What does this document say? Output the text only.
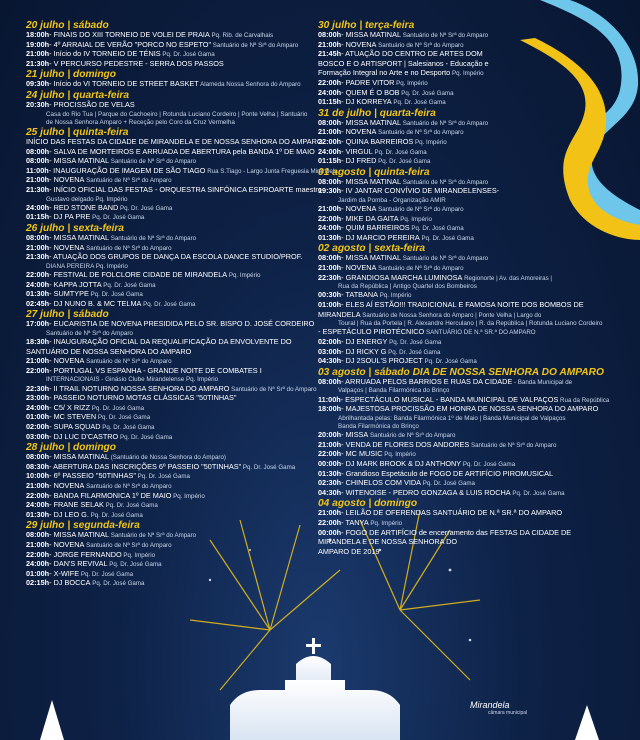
Mirandela
câmara municipal
20 julho | sábado
18:00h- FINAIS DO XIII TORNEIO DE VOLEI DE PRAIA Pq. Rib. de Carvalhais
19:00h- 4º ARRAIAL DE VERÃO "PORCO NO ESPETO" Santuário de Nª Srª do Amparo
21:00h- Início do IV TORNEIO DE TÉNIS Pq. Dr. José Gama
21:30h- V PERCURSO PEDESTRE - SERRA DOS PASSOS
21 julho | domingo
09:30h- Início do VI TORNEIO DE STREET BASKET Alameda Nossa Senhora do Amparo
24 julho | quarta-feira
20:30h- PROCISSÃO DE VELAS
Casa do Rio Tua | Parque do Cachoeiro | Rotunda Luciano Cordeiro | Ponte Velha | Santuário
de Nossa Senhora Amparo + Receção pelo Coro da Cruz Vermelha
25 julho | quinta-feira
INÍCIO DAS FESTAS DA CIDADE DE MIRANDELA E DE NOSSA SENHORA DO AMPARO
08:00h- SALVA DE MORTEIROS E ARRUADA DE ABERTURA pela BANDA 1º DE MAIO
08:00h- MISSA MATINAL Santuário de Nª Srª do Amparo
11:00h- INAUGURAÇÃO DE IMAGEM DE SÃO TIAGO Rua S.Tiago - Largo Junta Freguesia Mirandela
21:00h- NOVENA Santuário de Nª Srª do Amparo
21:30h- INÍCIO OFICIAL DAS FESTAS - ORQUESTRA SINFÓNICA ESPROARTE maestro
Gustavo delgado Pq. Império
24:00h- RED STONE BAND Pq. Dr. José Gama
01:15h- DJ PA PRE Pq. Dr. José Gama
26 julho | sexta-feira
08:00h- MISSA MATINAL Santuário de Nª Srª do Amparo
21:00h- NOVENA Santuário de Nª Srª do Amparo
21:30h- ATUAÇÃO DOS GRUPOS DE DANÇA DA ESCOLA DANCE STUDIO/PROF.
DIANA PEREIRA Pq. Império
22:00h- FESTIVAL DE FOLCLORE CIDADE DE MIRANDELA Pq. Império
24:00h- KAPPA JOTTA Pq. Dr. José Gama
01:30h- SUMTYPE Pq. Dr. José Gama
02:45h- DJ NUNO B. & MC TELMA Pq. Dr. José Gama
27 julho | sábado
17:00h- EUCARISTIA DE NOVENA PRESIDIDA PELO SR. BISPO D. JOSÉ CORDEIRO
Santuário de Nª Srª do Amparo
18:30h- INAUGURAÇÃO OFICIAL DA REQUALIFICAÇÃO DA ENVOLVENTE DO
SANTUÁRIO DE NOSSA SENHORA DO AMPARO
21:00h- NOVENA Santuário de Nª Srª do Amparo
22:00h- PORTUGAL VS ESPANHA - GRANDE NOITE DE COMBATES I
INTERNACIONAIS - Ginásio Clube Mirandelense Pq. Império
22:30h- II TRAIL NOTURNO NOSSA SENHORA DO AMPARO Santuário de Nª Srª do Amparo
23:00h- PASSEIO NOTURNO MOTAS CLÁSSICAS "50TINHAS"
24:00h- C5/ X RIZZ Pq. Dr. José Gama
01:00h- MC STEVEN Pq. Dr. José Gama
02:00h- SUPA SQUAD Pq. Dr. José Gama
03:00h- DJ LUC D'CASTRO Pq. Dr. José Gama
28 julho | domingo
08:00h- MISSA MATINAL (Santuário de Nossa Senhora do Amparo)
08:30h- ABERTURA DAS INSCRIÇÕES 6º PASSEIO "50TINHAS" Pq. Dr. José Gama
10:00h- 6º PASSEIO "50TINHAS" Pq. Dr. José Gama
21:00h- NOVENA Santuário de Nª Srª do Amparo
22:00h- BANDA FILARMONICA 1º DE MAIO Pq. Império
24:00h- FRANE SELAK Pq. Dr. José Gama
01:30h- DJ LEO G. Pq. Dr. José Gama
29 julho | segunda-feira
08:00h- MISSA MATINAL Santuário de Nª Srª do Amparo
21:00h- NOVENA Santuário de Nª Srª do Amparo
22:00h- JORGE FERNANDO Pq. Império
24:00h- DAN'S REVIVAL Pq. Dr. José Gama
01:00h- X-WIFE Pq. Dr. José Gama
02:15h- DJ BOCCA Pq. Dr. José Gama
30 julho | terça-feira
08:00h- MISSA MATINAL Santuário de Nª Srª do Amparo
21:00h- NOVENA Santuário de Nª Srª do Amparo
21:45h- ATUAÇÃO DO CENTRO DE ARTES DOM
BOSCO E O ARTISPORT | Salesianos - Educação e
Formação Integral no Arte e no Desporto Pq. Império
22:00h- PADRE VITOR Pq. Império
24:00h- QUEM É O BOB Pq. Dr. José Gama
01:15h- DJ KORREYA Pq. Dr. José Gama
31 de julho | quarta-feira
08:00h- MISSA MATINAL Santuário de Nª Srª do Amparo
21:00h- NOVENA Santuário de Nª Srª do Amparo
22:00h- QUINA BARREIROS Pq. Império
24:00h- VIRGUL Pq. Dr. José Gama
01:15h- DJ FRED Pq. Dr. José Gama
01 agosto | quinta-feira
08:00h- MISSA MATINAL Santuário de Nª Srª do Amparo
19:30h- IV JANTAR CONVÍVIO DE MIRANDELENSES-
Jardim da Pomba - Organização AMIR
21:00h- NOVENA Santuário de Nª Srª do Amparo
22:00h- MIKE DA GAITA Pq. Império
24:00h- QUIM BARREIROS Pq. Dr. José Gama
01:30h- DJ MARCIO PEREIRA Pq. Dr. José Gama
02 agosto | sexta-feira
08:00h- MISSA MATINAL Santuário de Nª Srª do Amparo
21:00h- NOVENA Santuário de Nª Srª do Amparo
22:30h- GRANDIOSA MARCHA LUMINOSA Regionorte | Av. das Amoreiras |
Rua da República | Antigo Quartel dos Bombeiros
00:30h- TATBANA Pq. Império
01:00h- ELES AÍ ESTÃO!!! TRADICIONAL E FAMOSA NOITE DOS BOMBOS DE
MIRANDELA Santuário de Nossa Senhora do Amparo | Ponte Velha | Largo do
Toural | Rua da Portela | R. Alexandre Herculano | R. da República | Rotunda Luciano Cordeiro
- ESPETÁCULO PIROTÉCNICO SANTUÁRIO DE N.ª SR.ª DO AMPARO
02:00h- DJ ENERGY Pq. Dr. José Gama
03:00h- DJ RICKY G Pq. Dr. José Gama
04:30h- DJ 2SOUL'S PROJECT Pq. Dr. José Gama
03 agosto | sábado DIA DE NOSSA SENHORA DO AMPARO
08:00h- ARRUADA PELOS BARRIOS E RUAS DA CIDADE - Banda Municipal de
Valpaços | Banda Filarmónica do Brinço
11:00h- ESPECTÁCULO MUSICAL - BANDA MUNICIPAL DE VALPAÇOS Rua da República
18:00h- MAJESTOSA PROCISSÃO EM HONRA DE NOSSA SENHORA DO AMPARO
Abrilhantada pelas: Banda Filarmónica 1º de Maio | Banda Municipal de Valpaços
Banda Filarmónica do Brinço
20:00h- MISSA Santuário de Nª Srª do Amparo
21:00h- VENDA DE FLORES DOS ANDORES Santuário de Nª Srª do Amparo
22:00h- MC MUSIC Pq. Império
00:00h- DJ MARK BROOK & DJ ANTHONY Pq. Dr. José Gama
01:30h- Grandioso Espetáculo de FOGO DE ARTIFÍCIO PIROMUSICAL
02:30h- CHINELOS COM VIDA Pq. Dr. José Gama
04:30h- WITENOISE - PEDRO GONZAGA & LUIS ROCHA Pq. Dr. José Gama
04 agosto | domingo
21:00h- LEILÃO DE OFERENDAS SANTUÁRIO DE N.ª SR.ª DO AMPARO
22:00h- TANYA Pq. Império
00:00h- FOGO DE ARTIFÍCIO de encerramento das FESTAS DA CIDADE DE
MIRANDELA E DE NOSSA SENHORA DO
AMPARO DE 2019
